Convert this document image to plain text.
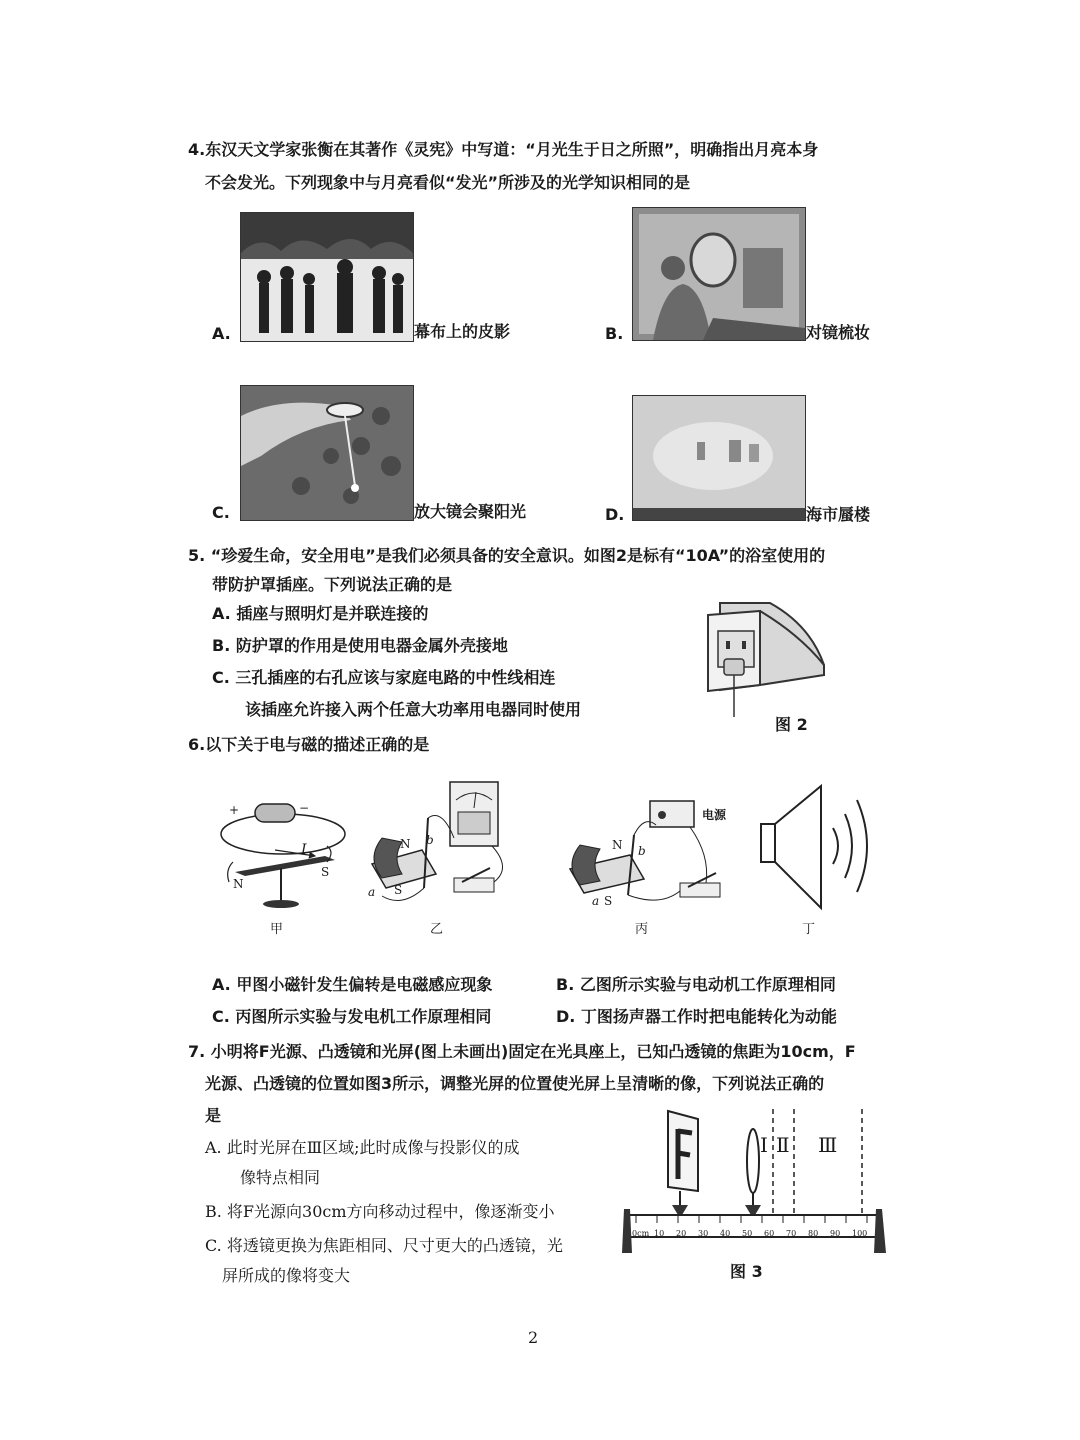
4.东汉天文学家张衡在其著作《灵宪》中写道：“月光生于日之所照”，明确指出月亮本身
不会发光。下列现象中与月亮看似“发光”所涉及的光学知识相同的是
A.	幕布上的皮影	B.	对镜梳妆
C.	放大镜会聚阳光	D.	海市蜃楼
5. “珍爱生命，安全用电”是我们必须具备的安全意识。如图2是标有“10A”的浴室使用的
带防护罩插座。下列说法正确的是
A. 插座与照明灯是并联连接的
B. 防护罩的作用是使用电器金属外壳接地
C. 三孔插座的右孔应该与家庭电路的中性线相连
该插座允许接入两个任意大功率用电器同时使用
图 2
6.以下关于电与磁的描述正确的是
+	−
I
N
S
甲
N b
S
a
乙
电源
N b
a S
丙	丁
A. 甲图小磁针发生偏转是电磁感应现象	B. 乙图所示实验与电动机工作原理相同
C. 丙图所示实验与发电机工作原理相同	D. 丁图扬声器工作时把电能转化为动能
7. 小明将F光源、凸透镜和光屏(图上未画出)固定在光具座上，已知凸透镜的焦距为10cm，F
光源、凸透镜的位置如图3所示，调整光屏的位置使光屏上呈清晰的像，下列说法正确的
是
A. 此时光屏在Ⅲ区域;此时成像与投影仪的成
像特点相同
B. 将F光源向30cm方向移动过程中，像逐渐变小
C. 将透镜更换为焦距相同、尺寸更大的凸透镜，光
屏所成的像将变大
Ⅰ Ⅱ Ⅲ
0cm 10 20 30 40 50 60 70 80 90 100
图 3
2
